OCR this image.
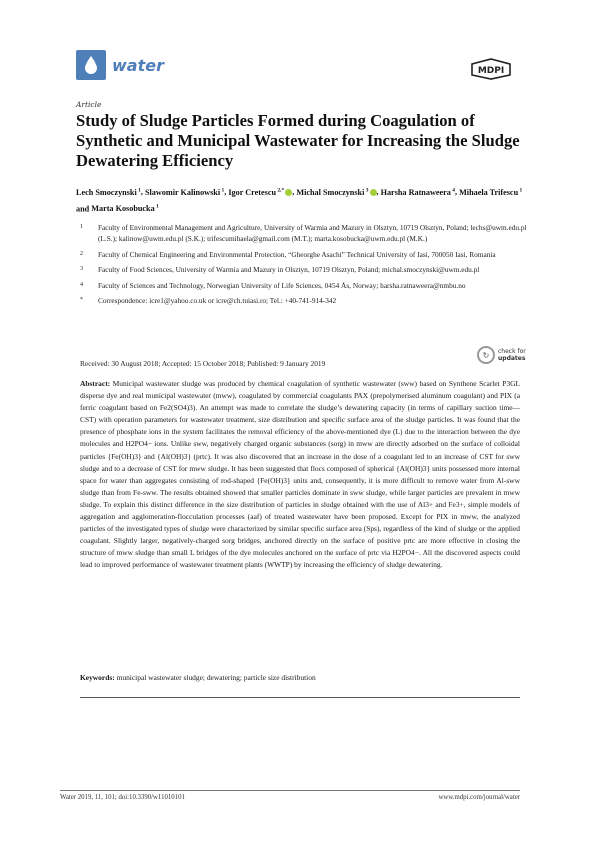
water	MDPI
Article
Study of Sludge Particles Formed during Coagulation of Synthetic and Municipal Wastewater for Increasing the Sludge Dewatering Efficiency
Lech Smoczynski $^1$, Slawomir Kalinowski $^1$, Igor Cretescu $^{2,*}$ , Michal Smoczynski $^3$ , Harsha Ratnaweera $^4$, Mihaela Trifescu $^1$ and Marta Kosobucka $^1$
1	Faculty of Environmental Management and Agriculture, University of Warmia and Mazury in Olsztyn, 10719 Olsztyn, Poland; lechs@uwm.edu.pl (L.S.); kalinow@uwm.edu.pl (S.K.); trifescumihaela@gmail.com (M.T.); marta.kosobucka@uwm.edu.pl (M.K.)
2	Faculty of Chemical Engineering and Environmental Protection, “Gheorghe Asachi” Technical University of Iasi, 700050 Iasi, Romania
3	Faculty of Food Sciences, University of Warmia and Mazury in Olsztyn, 10719 Olsztyn, Poland; michal.smoczynski@uwm.edu.pl
4	Faculty of Sciences and Technology, Norwegian University of Life Sciences, 0454 Ås, Norway; harsha.ratnaweera@nmbu.no
*	Correspondence: icre1@yahoo.co.uk or icre@ch.tuiasi.ro; Tel.: +40-741-914-342
Received: 30 August 2018; Accepted: 15 October 2018; Published: 9 January 2019
↻	check for
updates
Abstract: Municipal wastewater sludge was produced by chemical coagulation of synthetic wastewater (sww) based on Synthene Scarlet P3GL disperse dye and real municipal wastewater (mww), coagulated by commercial coagulants PAX (prepolymerised aluminum coagulant) and PIX (a ferric coagulant based on Fe2(SO4)3). An attempt was made to correlate the sludge’s dewatering capacity (in terms of capillary suction time—CST) with operation parameters for wastewater treatment, size distribution and specific surface area of the sludge particles. It was found that the presence of phosphate ions in the system facilitates the removal efficiency of the above-mentioned dye (L) due to the interaction between the dye molecules and H2PO4− ions. Unlike sww, negatively charged organic substances (sorg) in mww are directly adsorbed on the surface of colloidal particles {Fe(OH)3} and {Al(OH)3} (prtc). It was also discovered that an increase in the dose of a coagulant led to an increase of CST for sww sludge and to a decrease of CST for mww sludge. It has been suggested that flocs composed of spherical {Al(OH)3} units possessed more internal space for water than aggregates consisting of rod-shaped {Fe(OH)3} units and, consequently, it is more difficult to remove water from Al-sww sludge than from Fe-sww. The results obtained showed that smaller particles dominate in sww sludge, while larger particles are prevalent in mww sludge. To explain this distinct difference in the size distribution of particles in sludge obtained with the use of Al3+ and Fe3+, simple models of aggregation and agglomeration-flocculation processes (aaf) of treated wastewater have been proposed. Except for PIX in mww, the analyzed particles of the investigated types of sludge were characterized by similar specific surface area (Sps), regardless of the kind of sludge or the applied coagulant. Slightly larger, negatively-charged sorg bridges, anchored directly on the surface of positive prtc are more effective in closing the structure of mww sludge than small L bridges of the dye molecules anchored on the surface of prtc via H2PO4−. All the discovered aspects could lead to improved performance of wastewater treatment plants (WWTP) by increasing the efficiency of sludge dewatering.
Keywords: municipal wastewater sludge; dewatering; particle size distribution
Water 2019, 11, 101; doi:10.3390/w11010101	www.mdpi.com/journal/water
